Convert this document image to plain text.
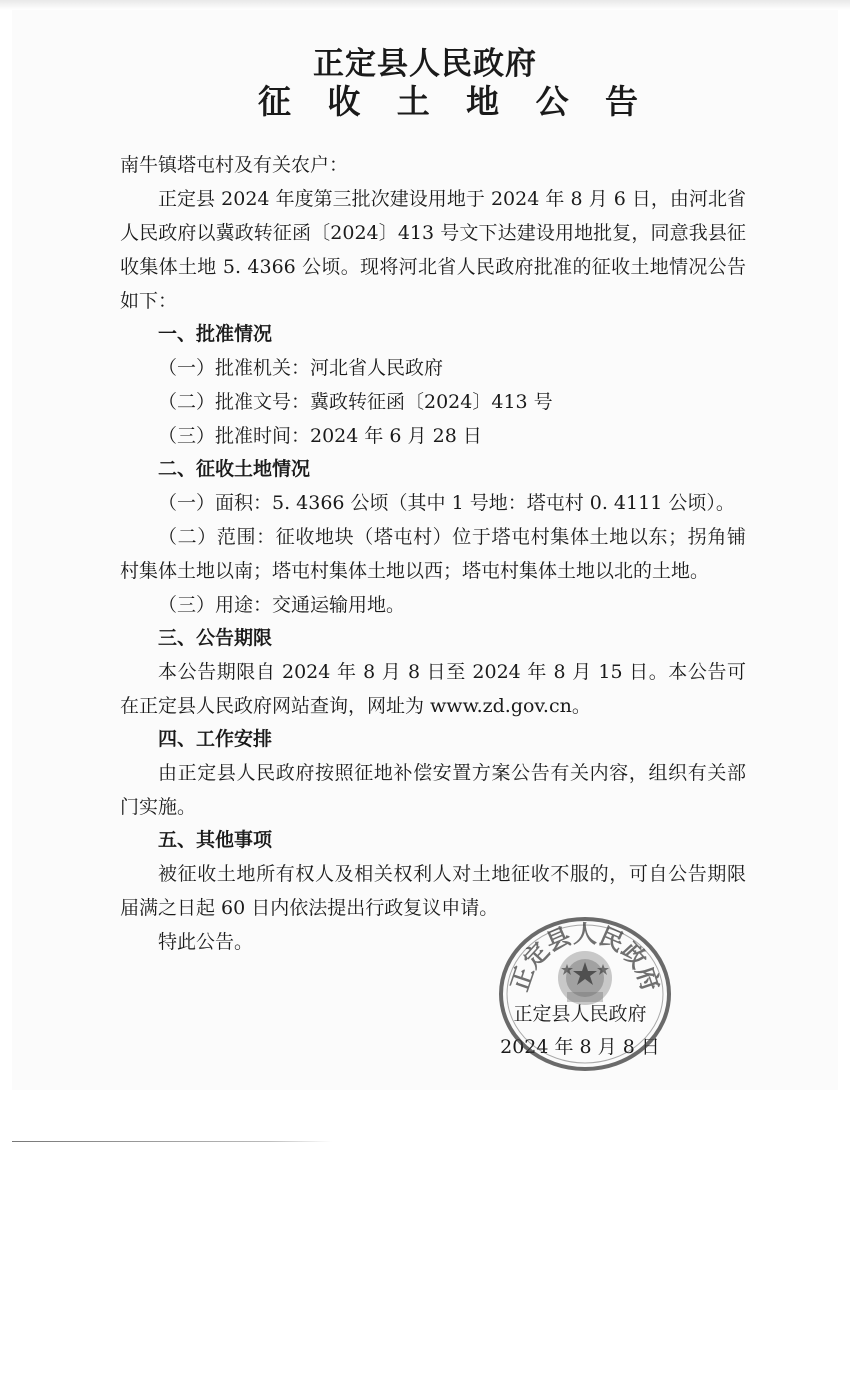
正定县人民政府
征 收 土 地 公 告

南牛镇塔屯村及有关农户：

正定县 2024 年度第三批次建设用地于 2024 年 8 月 6 日，由河北省人民政府以冀政转征函〔2024〕413 号文下达建设用地批复，同意我县征收集体土地 5. 4366 公顷。现将河北省人民政府批准的征收土地情况公告如下：

一、批准情况

（一）批准机关：河北省人民政府

（二）批准文号：冀政转征函〔2024〕413 号

（三）批准时间：2024 年 6 月 28 日

二、征收土地情况

（一）面积：5. 4366 公顷（其中 1 号地：塔屯村 0. 4111 公顷）。

（二）范围：征收地块（塔屯村）位于塔屯村集体土地以东；拐角铺村集体土地以南；塔屯村集体土地以西；塔屯村集体土地以北的土地。

（三）用途：交通运输用地。

三、公告期限

本公告期限自 2024 年 8 月 8 日至 2024 年 8 月 15 日。本公告可在正定县人民政府网站查询，网址为 www.zd.gov.cn。

四、工作安排

由正定县人民政府按照征地补偿安置方案公告有关内容，组织有关部门实施。

五、其他事项

被征收土地所有权人及相关权利人对土地征收不服的，可自公告期限届满之日起 60 日内依法提出行政复议申请。

特此公告。

正定县人民政府
2024 年 8 月 8 日
正定县人民政府
